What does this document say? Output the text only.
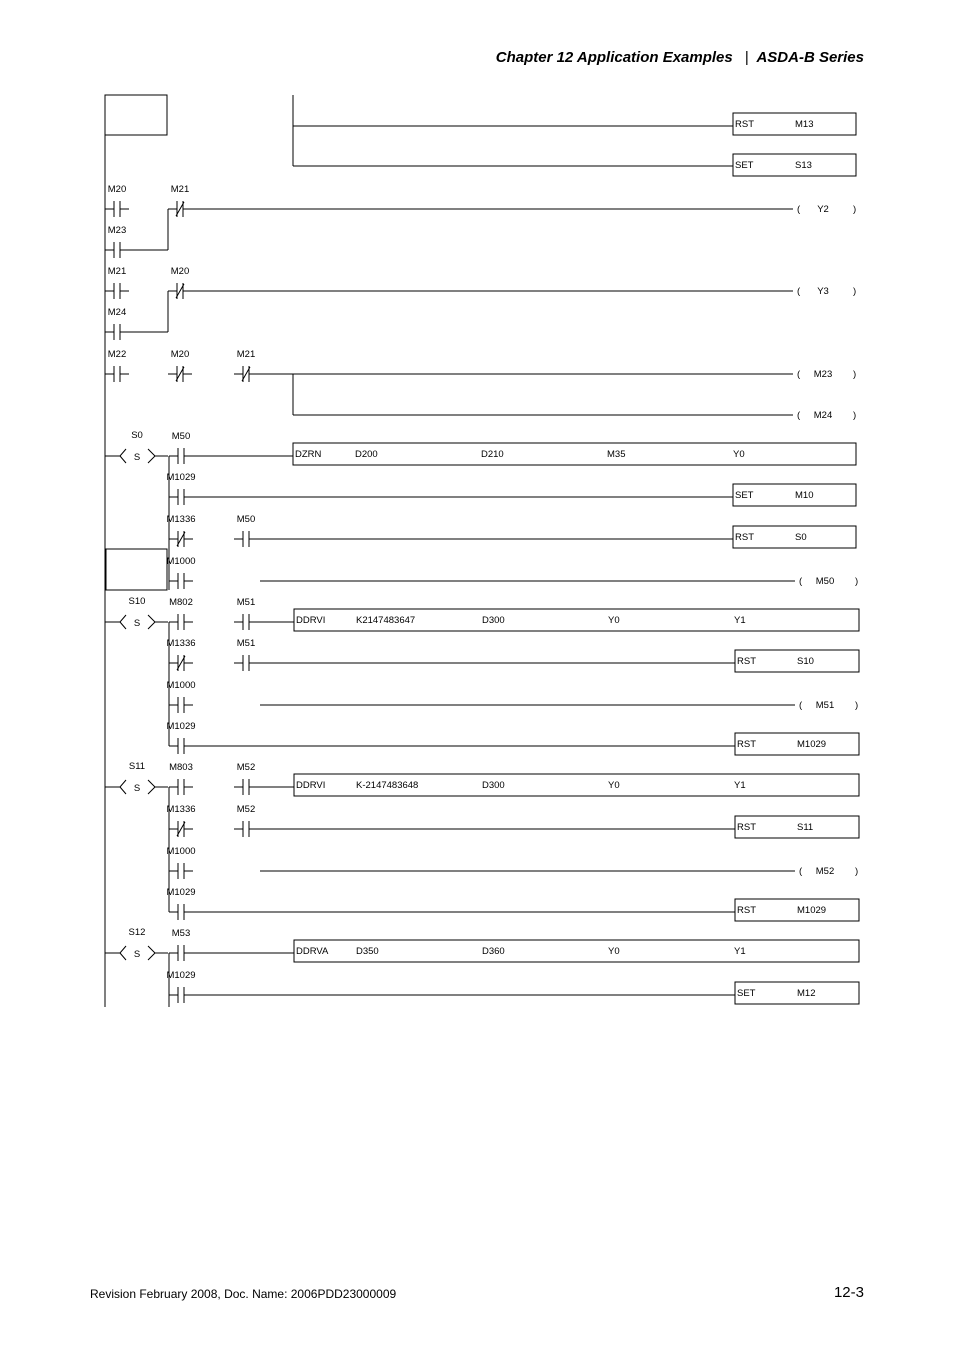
Chapter 12 Application Examples | ASDA-B Series
RST	M13
SET	S13
M20	M21
M23
( Y2	)
M21	M20
M24
( Y3	)
M22	M20	M21
( M23 )
( M24 )
S0
S
M50
DZRN	D200	D210	M35	Y0
M1029
SET	M10
M1336	M50
RST	S0
M1000
( M50 )
S10
S
M802	M51
DDRVI	K2147483647	D300	Y0	Y1
M1336	M51
RST	S10
M1000
( M51 )
M1029
RST	M1029
S11
S
M803	M52
DDRVI	K-2147483648	D300	Y0	Y1
M1336	M52
RST	S11
M1000
( M52 )
M1029
RST	M1029
S12
S
M53
DDRVA	D350	D360	Y0	Y1
M1029
SET	M12
Revision February 2008, Doc. Name: 2006PDD23000009	12-3
